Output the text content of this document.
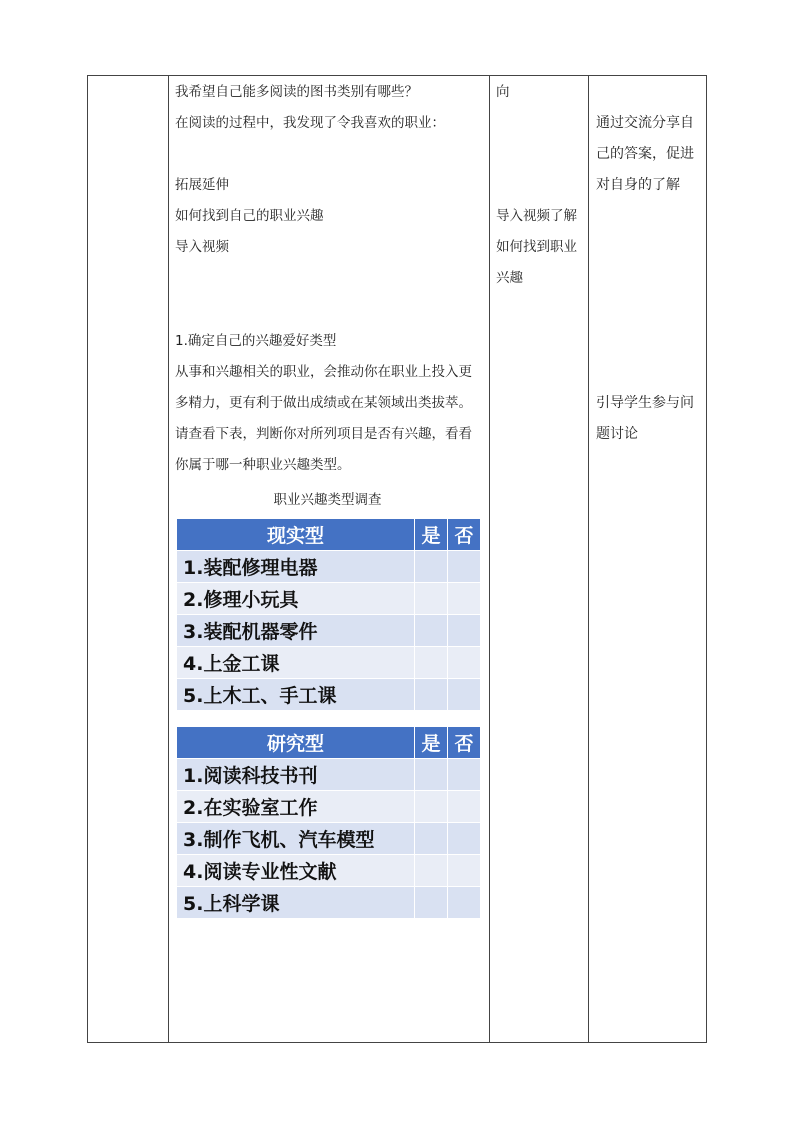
我希望自己能多阅读的图书类别有哪些？
在阅读的过程中，我发现了令我喜欢的职业：

拓展延伸
如何找到自己的职业兴趣
导入视频
1.确定自己的兴趣爱好类型
从事和兴趣相关的职业，会推动你在职业上投入更多精力，更有利于做出成绩或在某领域出类拔萃。
请查看下表，判断你对所列项目是否有兴趣，看看你属于哪一种职业兴趣类型。
职业兴趣类型调查
现实型	是	否
1.装配修理电器		
2.修理小玩具		
3.装配机器零件		
4.上金工课		
5.上木工、手工课		
研究型	是	否
1.阅读科技书刊		
2.在实验室工作		
3.制作飞机、汽车模型		
4.阅读专业性文献		
5.上科学课		
向
导入视频了解如何找到职业兴趣
通过交流分享自己的答案，促进对自身的了解
引导学生参与问题讨论
